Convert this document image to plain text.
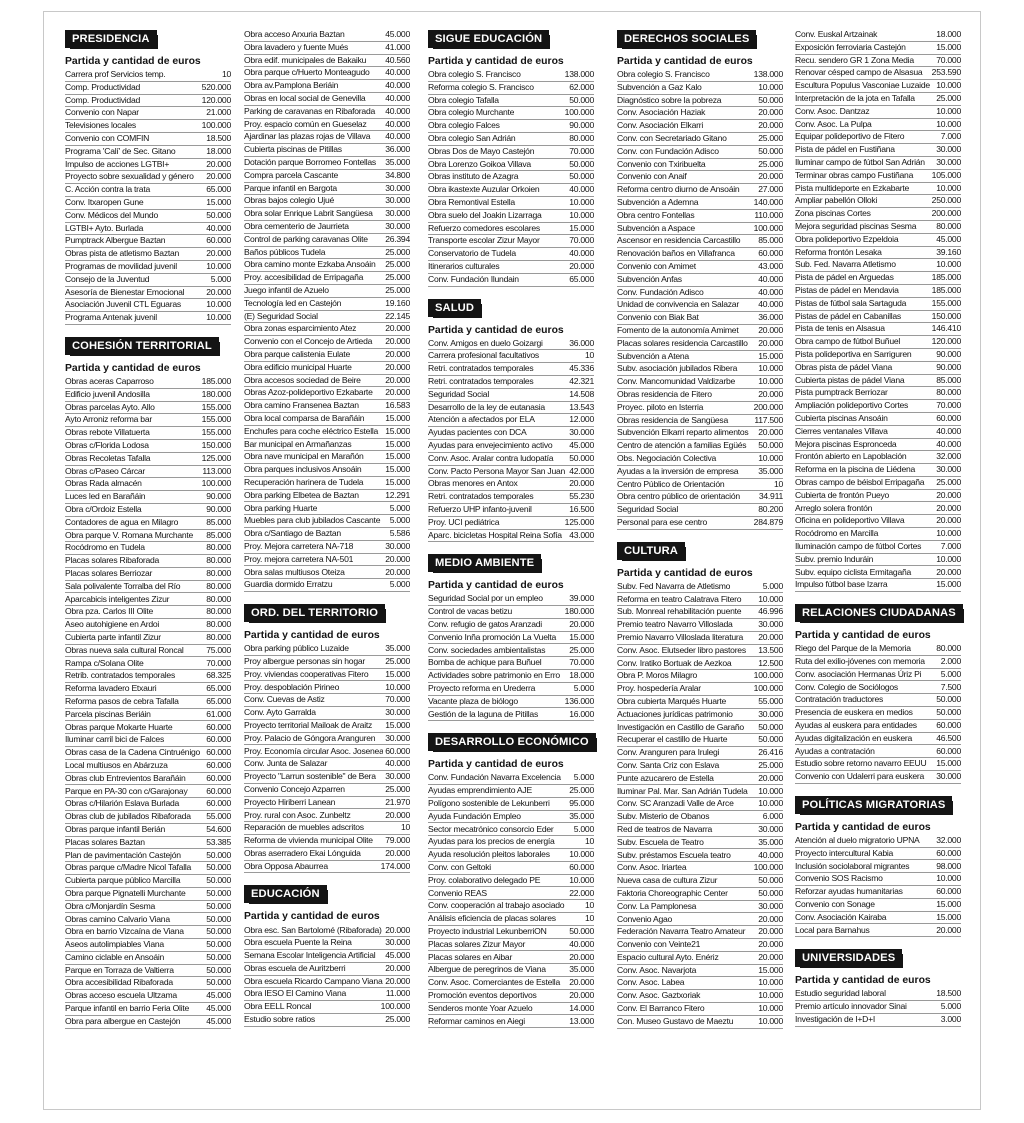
PRESIDENCIA
Partida y cantidad de euros
Carrera prof Servicios temp.	10
Comp. Productividad	520.000
Comp. Productividad	120.000
Convenio con Napar	21.000
Televisiones locales	100.000
Convenio con COMFIN	18.500
Programa 'Calí' de Sec. Gitano	18.000
Impulso de acciones LGTBI+	20.000
Proyecto sobre sexualidad y género	20.000
C. Acción contra la trata	65.000
Conv. Itxaropen Gune	15.000
Conv. Médicos del Mundo	50.000
LGTBI+ Ayto. Burlada	40.000
Pumptrack Albergue Baztan	60.000
Obras pista de atletismo Baztan	20.000
Programas de movilidad juvenil	10.000
Consejo de la Juventud	5.000
Asesoría de Bienestar Emocional	20.000
Asociación Juvenil CTL Eguaras	10.000
Programa Antenak juvenil	10.000
COHESIÓN TERRITORIAL
Partida y cantidad de euros
Obras aceras Caparroso	185.000
Edificio juvenil Andosilla	180.000
Obras parcelas Ayto. Allo	155.000
Ayto Arroniz reforma bar	155.000
Obras rebote Villatuerta	155.000
Obras c/Florida Lodosa	150.000
Obras Recoletas Tafalla	125.000
Obras c/Paseo Cárcar	113.000
Obras Rada almacén	100.000
Luces led en Barañáin	90.000
Obra c/Ordoiz Estella	90.000
Contadores de agua en Milagro	85.000
Obra parque V. Romana Murchante	85.000
Rocódromo en Tudela	80.000
Placas solares Ribaforada	80.000
Placas solares Berriozar	80.000
Sala polivalente Torralba del Río	80.000
Aparcabicis inteligentes Zizur	80.000
Obra pza. Carlos III Olite	80.000
Aseo autohigiene en Ardoi	80.000
Cubierta parte infantil Zizur	80.000
Obras nueva sala cultural Roncal	75.000
Rampa c/Solana Olite	70.000
Retrib. contratados temporales	68.325
Reforma lavadero Etxauri	65.000
Reforma pasos de cebra Tafalla	65.000
Parcela piscinas Beriáin	61.000
Obras parque Mokarte Huarte	60.000
Iluminar carril bici de Falces	60.000
Obras casa de la Cadena Cintruénigo 60.000
Local multiusos en Abárzuza	60.000
Obras club Entrevientos Barañáin	60.000
Parque en PA-30 con c/Garajonay	60.000
Obras c/Hilarión Eslava Burlada	60.000
Obras club de jubilados Ribaforada	55.000
Obras parque infantil Berián	54.600
Placas solares Baztan	53.385
Plan de pavimentación Castejón	50.000
Obras parque c/Madre Nicol Tafalla	50.000
Cubierta parque público Marcilla	50.000
Obra parque Pignatelli Murchante	50.000
Obra c/Monjardín Sesma	50.000
Obras camino Calvario Viana	50.000
Obra en barrio Vizcaína de Viana	50.000
Aseos autolimpiables Viana	50.000
Camino ciclable en Ansoáin	50.000
Parque en Torraza de Valtierra	50.000
Obra accesibilidad Ribaforada	50.000
Obras acceso escuela Ultzama	45.000
Parque infantil en barrio Feria Olite	45.000
Obra para albergue en Castejón	45.000
Obra acceso Arxuria Baztan	45.000
Obra lavadero y fuente Mués	41.000
Obra edif. municipales de Bakaiku	40.560
Obra parque c/Huerto Monteagudo	40.000
Obra av.Pamplona Beriáin	40.000
Obras en local social de Genevilla	40.000
Parking de caravanas en Ribaforada	40.000
Proy. espacio común en Gueselaz	40.000
Ajardinar las plazas rojas de Villava	40.000
Cubierta piscinas de Pitillas	36.000
Dotación parque Borromeo Fontellas	35.000
Compra parcela Cascante	34.800
Parque infantil en Bargota	30.000
Obras bajos colegio Ujué	30.000
Obra solar Enrique Labrit Sangüesa	30.000
Obra cementerio de Jaurrieta	30.000
Control de parking caravanas Olite	26.394
Baños públicos Tudela	25.000
Obra camino monte Ezkaba Ansoáin	25.000
Proy. accesibilidad de Erripagaña	25.000
Juego infantil de Azuelo	25.000
Tecnología led en Castejón	19.160
(E) Seguridad Social	22.145
Obra zonas esparcimiento Atez	20.000
Convenio con el Concejo de Artieda	20.000
Obra parque calistenia Eulate	20.000
Obra edificio municipal Huarte	20.000
Obra accesos sociedad de Beire	20.000
Obras Azoz-polideportivo Ezkabarte	20.000
Obra camino Fransenea Baztan	16.583
Obra local comparsa de Barañáin	15.000
Enchufes para coche eléctrico Estella 15.000
Bar municipal en Armañanzas	15.000
Obra nave municipal en Marañón	15.000
Obra parques inclusivos Ansoáin	15.000
Recuperación harinera de Tudela	15.000
Obra parking Elbetea de Baztan	12.291
Obra parking Huarte	5.000
Muebles para club jubilados Cascante	5.000
Obra c/Santiago de Baztan	5.586
Proy. Mejora carretera NA-718	30.000
Proy. mejora carretera NA-501	20.000
Obra salas multiusos Oteiza	20.000
Guardia dormido Erratzu	5.000
ORD. DEL TERRITORIO
Partida y cantidad de euros
Obra parking público Luzaide	35.000
Proy albergue personas sin hogar	25.000
Proy. viviendas cooperativas Fitero	15.000
Proy. despoblación Pirineo	10.000
Conv. Cuevas de Astiz	70.000
Conv. Ayto Garralda	30.000
Proyecto territorial Mailoak de Araitz	15.000
Proy. Palacio de Góngora Aranguren	30.000
Proy. Economía circular Asoc. Josenea 60.000
Conv. Junta de Salazar	40.000
Proyecto "Larrun sostenible" de Bera	30.000
Convenio Concejo Azparren	25.000
Proyecto Hiriberri Lanean	21.970
Proy. rural con Asoc. Zunbeltz	20.000
Reparación de muebles adscritos	10
Reforma de vivienda municipal Olite	79.000
Obras aserradero Ekai Lónguida	20.000
Obra Opposa Abaurrea	174.000
EDUCACIÓN
Partida y cantidad de euros
Obra esc. San Bartolomé (Ribaforada) 20.000
Obra escuela Puente la Reina	30.000
Semana Escolar Inteligencia Artificial	45.000
Obras escuela de Auritzberri	20.000
Obra escuela Ricardo Campano Viana 20.000
Obra IESO El Camino Viana	11.000
Obra EELL Roncal	100.000
Estudio sobre ratios	25.000
SIGUE EDUCACIÓN
Partida y cantidad de euros
Obra colegio S. Francisco	138.000
Reforma colegio S. Francisco	62.000
Obra colegio Tafalla	50.000
Obra colegio Murchante	100.000
Obra colegio Falces	90.000
Obra colegio San Adrián	80.000
Obras Dos de Mayo Castejón	70.000
Obra Lorenzo Goikoa Villava	50.000
Obras instituto de Azagra	50.000
Obra ikastexte Auzular Orkoien	40.000
Obra Remontival Estella	10.000
Obra suelo del Joakin Lizarraga	10.000
Refuerzo comedores escolares	15.000
Transporte escolar Zizur Mayor	70.000
Conservatorio de Tudela	40.000
Itinerarios culturales	20.000
Conv. Fundación Ilundain	65.000
SALUD
Partida y cantidad de euros
Conv. Amigos en duelo Goizargi	36.000
Carrera profesional facultativos	10
Retri. contratados temporales	45.336
Retri. contratados temporales	42.321
Seguridad Social	14.508
Desarrollo de la ley de eutanasia	13.543
Atención a afectados por ELA	12.000
Ayudas pacientes con DCA	30.000
Ayudas para envejecimiento activo	45.000
Conv. Asoc. Aralar contra ludopatía	50.000
Conv. Pacto Persona Mayor San Juan 42.000
Obras menores en Antox	20.000
Retri. contratados temporales	55.230
Refuerzo UHP infanto-juvenil	16.500
Proy. UCI pediátrica	125.000
Aparc. bicicletas Hospital Reina Sofía 43.000
MEDIO AMBIENTE
Partida y cantidad de euros
Seguridad Social por un empleo	39.000
Control de vacas betizu	180.000
Conv. refugio de gatos Aranzadi	20.000
Convenio Inña promoción La Vuelta	15.000
Conv. sociedades ambientalistas	25.000
Bomba de achique para Buñuel	70.000
Actividades sobre patrimonio en Erro	18.000
Proyecto reforma en Urederra	5.000
Vacante plaza de biólogo	136.000
Gestión de la laguna de Pitillas	16.000
DESARROLLO ECONÓMICO
Partida y cantidad de euros
Conv. Fundación Navarra Excelencia	5.000
Ayudas emprendimiento AJE	25.000
Polígono sostenible de Lekunberri	95.000
Ayuda Fundación Empleo	35.000
Sector mecatrónico consorcio Eder	5.000
Ayudas para los precios de energía	10
Ayuda resolución pleitos laborales	10.000
Conv. con Geltoki	60.000
Proy. colaborativo delegado PE	10.000
Convenio REAS	22.000
Conv. cooperación al trabajo asociado	10
Análisis eficiencia de placas solares	10
Proyecto industrial LekunberriON	50.000
Placas solares Zizur Mayor	40.000
Placas solares en Aibar	20.000
Albergue de peregrinos de Viana	35.000
Conv. Asoc. Comerciantes de Estella	20.000
Promoción eventos deportivos	20.000
Senderos monte Yoar Azuelo	14.000
Reformar caminos en Aiegi	13.000
DERECHOS SOCIALES
Partida y cantidad de euros
Obra colegio S. Francisco	138.000
Subvención a Gaz Kalo	10.000
Diagnóstico sobre la pobreza	50.000
Conv. Asociación Haziak	20.000
Conv. Asociación Elkarri	20.000
Conv. con Secretariado Gitano	25.000
Conv. con Fundación Adisco	50.000
Convenio con Txiribuelta	25.000
Convenio con Anaif	20.000
Reforma centro diurno de Ansoáin	27.000
Subvención a Ademna	140.000
Obra centro Fontellas	110.000
Subvención a Aspace	100.000
Ascensor en residencia Carcastillo	85.000
Renovación baños en Villafranca	60.000
Convenio con Amimet	43.000
Subvención Anfas	40.000
Conv. Fundación Adisco	40.000
Unidad de convivencia en Salazar	40.000
Convenio con Biak Bat	36.000
Fomento de la autonomía Amimet	20.000
Placas solares residencia Carcastillo	20.000
Subvención a Atena	15.000
Subv. asociación jubilados Ribera	10.000
Conv. Mancomunidad Valdizarbe	10.000
Obras residencia de Fitero	20.000
Proyec. piloto en Isterria	200.000
Obras residencia de Sangüesa	117.500
Subvención Elkarri reparto alimentos	20.000
Centro de atención a familias Egüés	50.000
Obs. Negociación Colectiva	10.000
Ayudas a la inversión de empresa	35.000
Centro Público de Orientación	10
Obra centro público de orientación	34.911
Seguridad Social	80.200
Personal para ese centro	284.879
CULTURA
Partida y cantidad de euros
Subv. Fed Navarra de Atletismo	5.000
Reforma en teatro Calatrava Fitero	10.000
Sub. Monreal rehabilitación puente	46.996
Premio teatro Navarro Villoslada	30.000
Premio Navarro Villoslada literatura	20.000
Conv. Asoc. Elutseder libro pastores	13.500
Conv. Iratiko Bortuak de Aezkoa	12.500
Obra P. Moros Milagro	100.000
Proy. hospedería Aralar	100.000
Obra cubierta Marqués Huarte	55.000
Actuaciones jurídicas patrimonio	30.000
Investigación en Castillo de Garaño	50.000
Recuperar el castillo de Huarte	50.000
Conv. Aranguren para Irulegi	26.416
Conv. Santa Criz con Eslava	25.000
Punte azucarero de Estella	20.000
Iluminar Pal. Mar. San Adrián Tudela	10.000
Conv. SC Aranzadi Valle de Arce	10.000
Subv. Misterio de Obanos	6.000
Red de teatros de Navarra	30.000
Subv. Escuela de Teatro	35.000
Subv. préstamos Escuela teatro	40.000
Conv. Asoc. Iriartea	100.000
Nueva casa de cultura Zizur	50.000
Faktoria Choreographic Center	50.000
Conv. La Pamplonesa	30.000
Convenio Agao	20.000
Federación Navarra Teatro Amateur	20.000
Convenio con Veinte21	20.000
Espacio cultural Ayto. Enériz	20.000
Conv. Asoc. Navarjota	15.000
Conv. Asoc. Labea	10.000
Conv. Asoc. Gaztxoriak	10.000
Conv. El Barranco Fitero	10.000
Con. Museo Gustavo de Maeztu	10.000
Conv. Euskal Artzainak	18.000
Exposición ferroviaria Castejón	15.000
Recu. sendero GR 1 Zona Media	70.000
Renovar césped campo de Alsasua	253.590
Escultura Populus Vasconiae Luzaide 10.000
Interpretación de la jota en Tafalla	25.000
Conv. Asoc. Dantzaz	10.000
Conv. Asoc. La Pulpa	10.000
Equipar polideportivo de Fitero	7.000
Pista de pádel en Fustiñana	30.000
Iluminar campo de fútbol San Adrián	30.000
Terminar obras campo Fustiñana	105.000
Pista multideporte en Ezkabarte	10.000
Ampliar pabellón Olloki	250.000
Zona piscinas Cortes	200.000
Mejora seguridad piscinas Sesma	80.000
Obra polideportivo Ezpeldoia	45.000
Reforma frontón Lesaka	39.160
Sub. Fed. Navarra Atletismo	10.000
Pista de pádel en Arguedas	185.000
Pistas de pádel en Mendavia	185.000
Pistas de fútbol sala Sartaguda	155.000
Pistas de pádel en Cabanillas	150.000
Pista de tenis en Alsasua	146.410
Obra campo de fútbol Buñuel	120.000
Pista polideportiva en Sarriguren	90.000
Obras pista de pádel Viana	90.000
Cubierta pistas de pádel Viana	85.000
Pista pumptrack Berriozar	80.000
Ampliación polideportivo Cortes	70.000
Cubierta piscinas Ansoáin	60.000
Cierres ventanales Villava	40.000
Mejora piscinas Espronceda	40.000
Frontón abierto en Lapoblación	32.000
Reforma en la piscina de Liédena	30.000
Obras campo de béisbol Erripagaña	25.000
Cubierta de frontón Pueyo	20.000
Arreglo solera frontón	20.000
Oficina en polideportivo Villava	20.000
Rocódromo en Marcilla	10.000
Iluminación campo de fútbol Cortes	7.000
Subv. premio Induráin	10.000
Subv. equipo ciclista Ermitagaña	20.000
Impulso fútbol base Izarra	15.000
RELACIONES CIUDADANAS
Partida y cantidad de euros
Riego del Parque de la Memoria	80.000
Ruta del exilio-jóvenes con memoria	2.000
Conv. asociación Hermanas Úriz Pi	5.000
Conv. Colegio de Sociólogos	7.500
Contratación traductores	50.000
Presencia de euskera en medios	50.000
Ayudas al euskera para entidades	60.000
Ayudas digitalización en euskera	46.500
Ayudas a contratación	60.000
Estudio sobre retorno navarro EEUU	15.000
Convenio con Udalerri para euskera	30.000
POLÍTICAS MIGRATORIAS
Partida y cantidad de euros
Atención al duelo migratorio UPNA	32.000
Proyecto intercultural Kabia	60.000
Inclusión sociolaboral migrantes	98.000
Convenio SOS Racismo	10.000
Reforzar ayudas humanitarias	60.000
Convenio con Sonage	15.000
Conv. Asociación Kairaba	15.000
Local para Barnahus	20.000
UNIVERSIDADES
Partida y cantidad de euros
Estudio seguridad laboral	18.500
Premio artículo innovador Sinai	5.000
Investigación de I+D+I	3.000
